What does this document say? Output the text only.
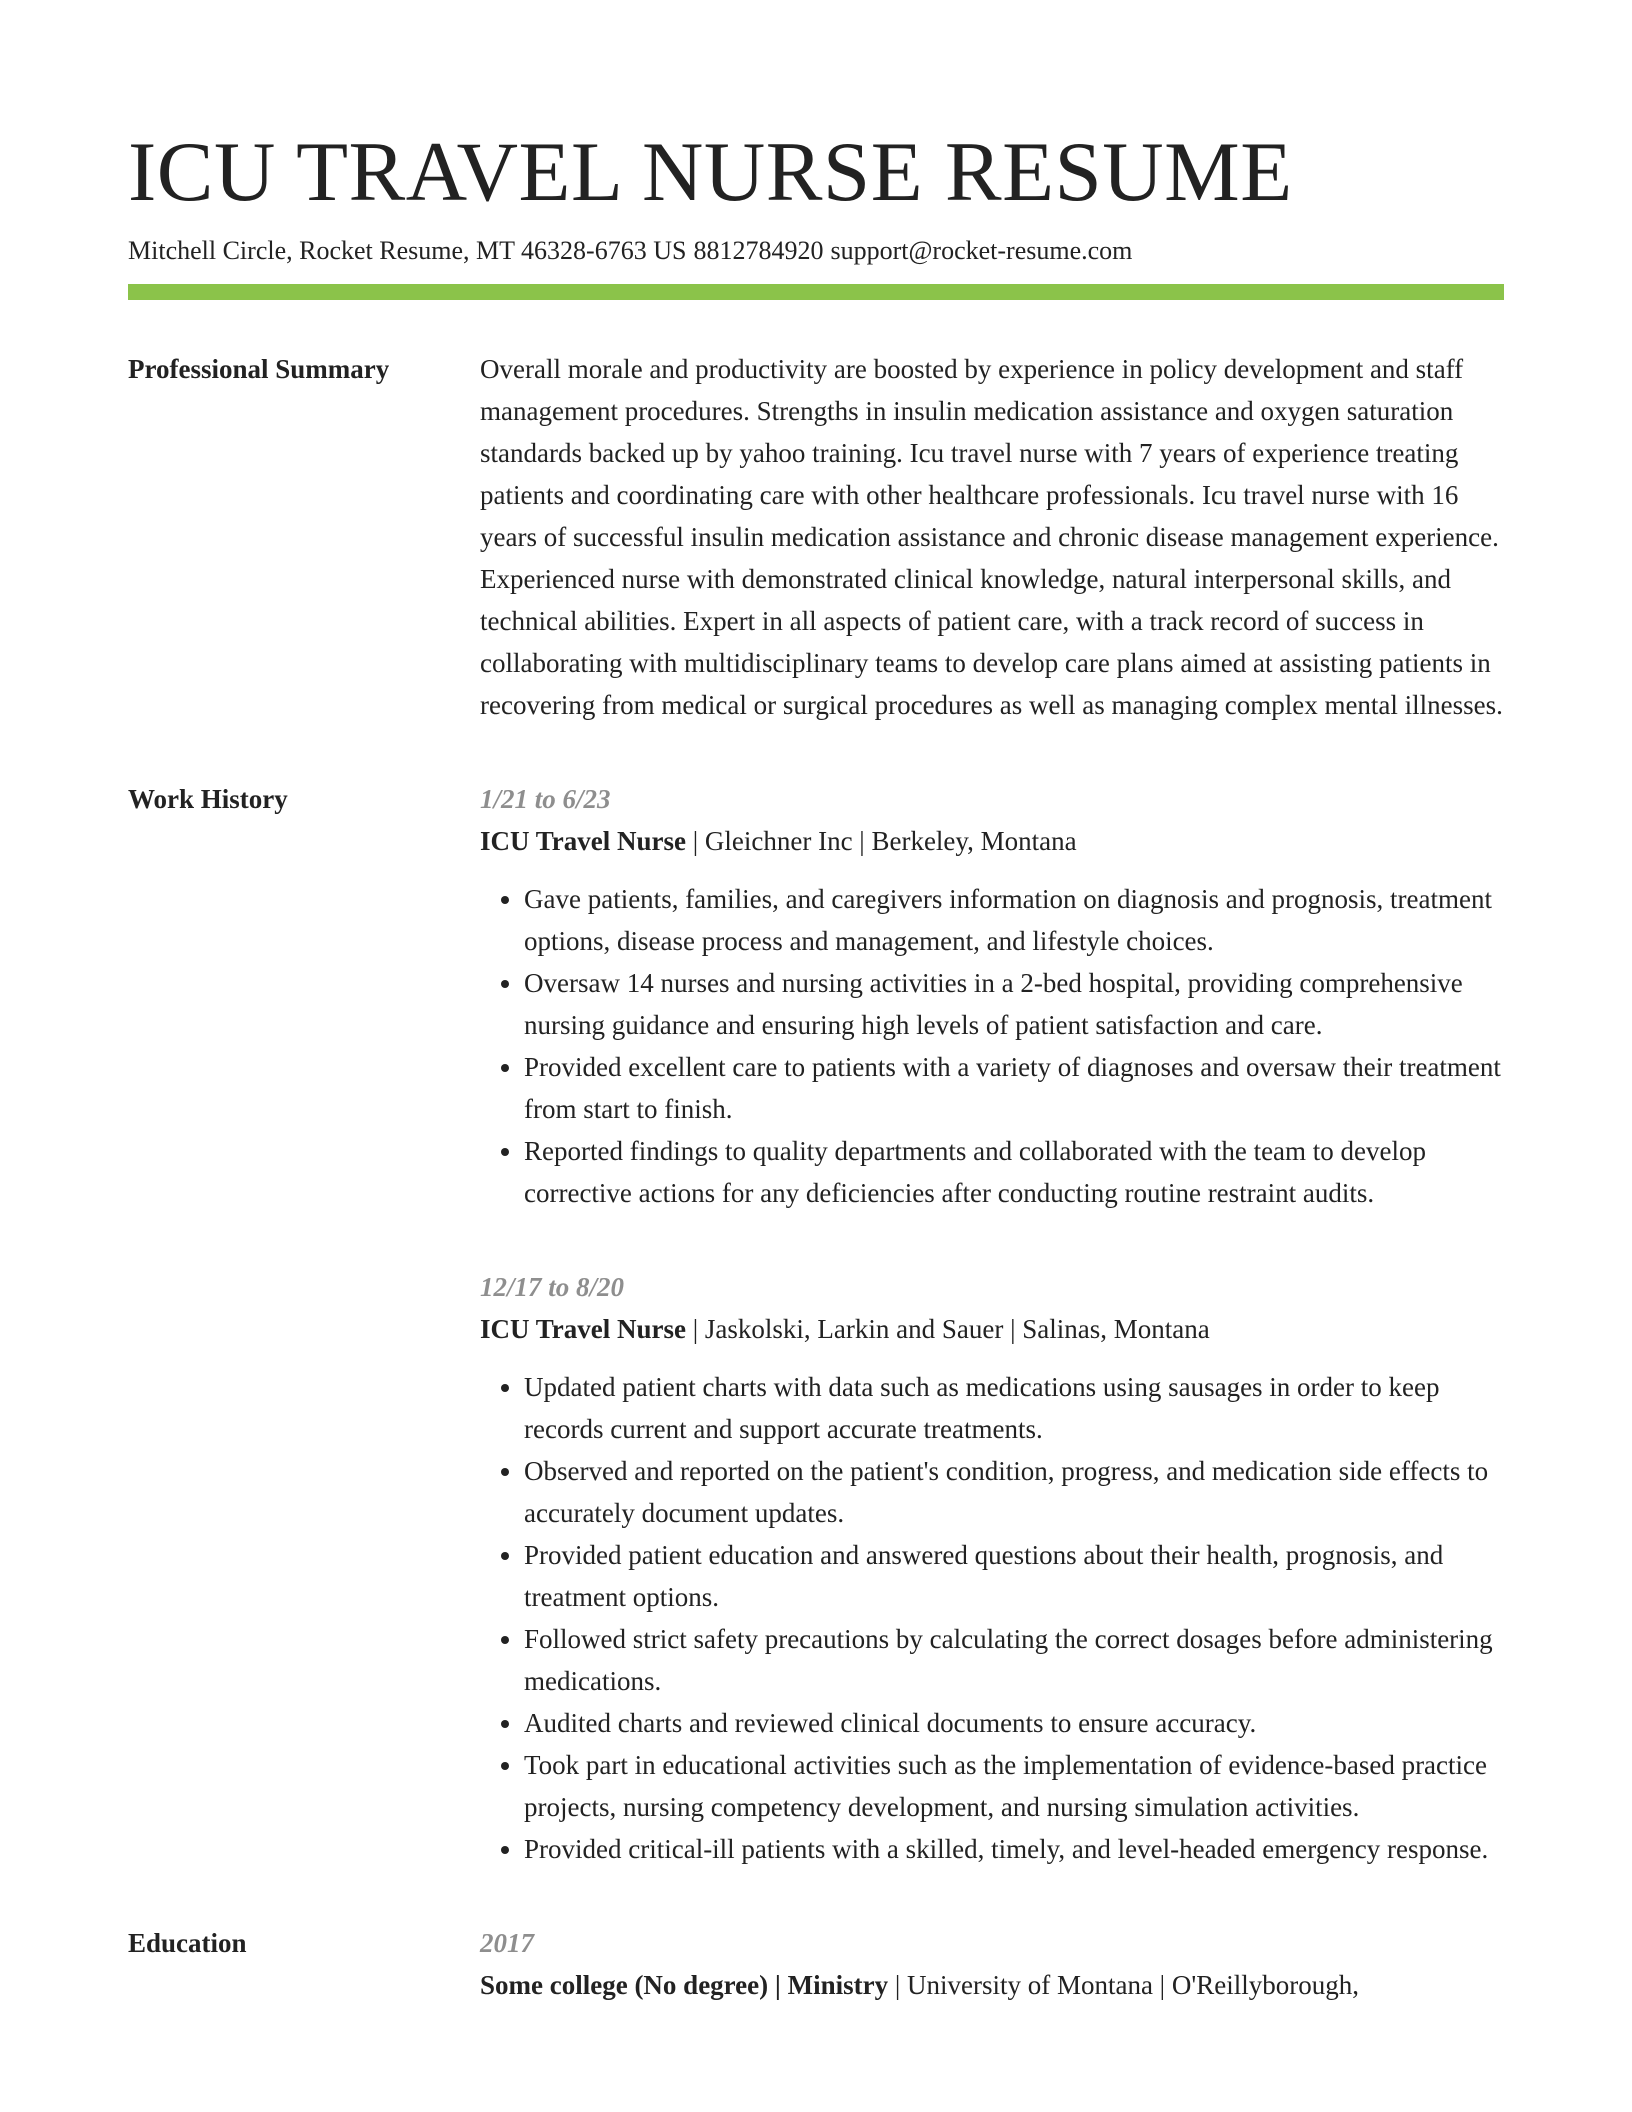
ICU TRAVEL NURSE RESUME
Mitchell Circle, Rocket Resume, MT 46328-6763 US 8812784920 support@rocket-resume.com
Professional Summary	Overall morale and productivity are boosted by experience in policy development and staff management procedures. Strengths in insulin medication assistance and oxygen saturation standards backed up by yahoo training. Icu travel nurse with 7 years of experience treating patients and coordinating care with other healthcare professionals. Icu travel nurse with 16 years of successful insulin medication assistance and chronic disease management experience. Experienced nurse with demonstrated clinical knowledge, natural interpersonal skills, and technical abilities. Expert in all aspects of patient care, with a track record of success in collaborating with multidisciplinary teams to develop care plans aimed at assisting patients in recovering from medical or surgical procedures as well as managing complex mental illnesses.

Work History	1/21 to 6/23
ICU Travel Nurse | Gleichner Inc | Berkeley, Montana
• Gave patients, families, and caregivers information on diagnosis and prognosis, treatment options, disease process and management, and lifestyle choices.
• Oversaw 14 nurses and nursing activities in a 2-bed hospital, providing comprehensive nursing guidance and ensuring high levels of patient satisfaction and care.
• Provided excellent care to patients with a variety of diagnoses and oversaw their treatment from start to finish.
• Reported findings to quality departments and collaborated with the team to develop corrective actions for any deficiencies after conducting routine restraint audits.
12/17 to 8/20
ICU Travel Nurse | Jaskolski, Larkin and Sauer | Salinas, Montana
• Updated patient charts with data such as medications using sausages in order to keep records current and support accurate treatments.
• Observed and reported on the patient's condition, progress, and medication side effects to accurately document updates.
• Provided patient education and answered questions about their health, prognosis, and treatment options.
• Followed strict safety precautions by calculating the correct dosages before administering medications.
• Audited charts and reviewed clinical documents to ensure accuracy.
• Took part in educational activities such as the implementation of evidence-based practice projects, nursing competency development, and nursing simulation activities.
• Provided critical-ill patients with a skilled, timely, and level-headed emergency response.
Education	2017
Some college (No degree) | Ministry | University of Montana | O'Reillyborough,
